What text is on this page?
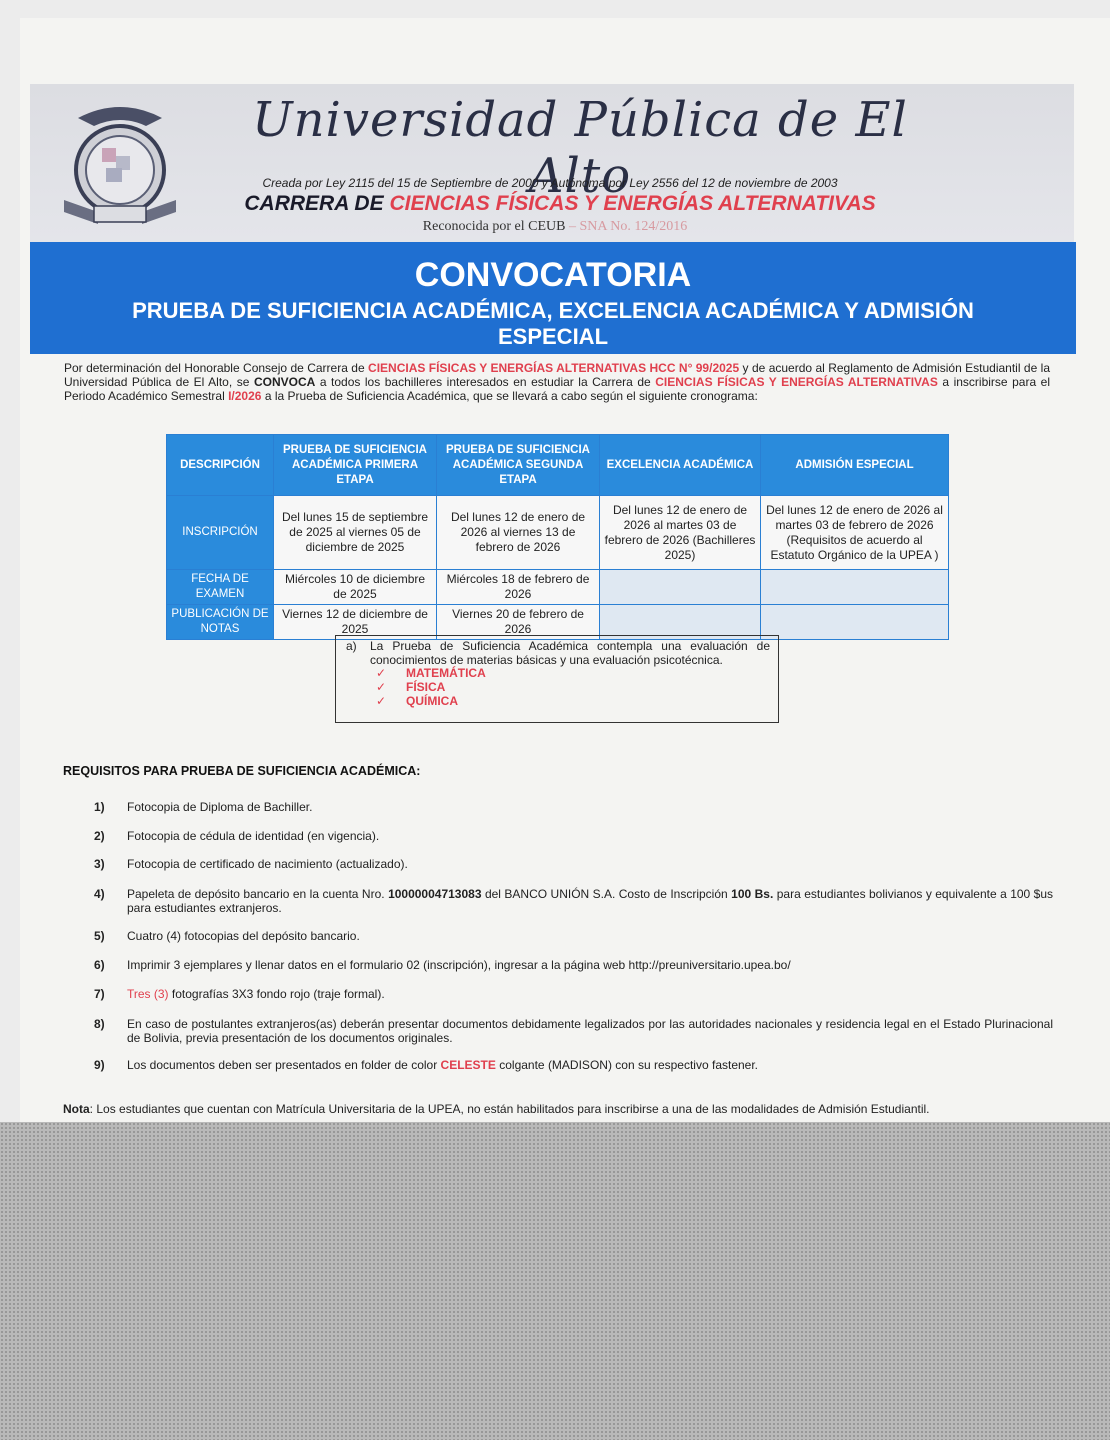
Universidad Pública de El Alto
Creada por Ley 2115 del 15 de Septiembre de 2000 y Autónoma por Ley 2556 del 12 de noviembre de 2003
CARRERA DE CIENCIAS FÍSICAS Y ENERGÍAS ALTERNATIVAS
Reconocida por el CEUB – SNA No. 124/2016
CONVOCATORIA
PRUEBA DE SUFICIENCIA ACADÉMICA, EXCELENCIA ACADÉMICA Y ADMISIÓN ESPECIAL
Por determinación del Honorable Consejo de Carrera de CIENCIAS FÍSICAS Y ENERGÍAS ALTERNATIVAS HCC N° 99/2025 y de acuerdo al Reglamento de Admisión Estudiantil de la Universidad Pública de El Alto, se CONVOCA a todos los bachilleres interesados en estudiar la Carrera de CIENCIAS FÍSICAS Y ENERGÍAS ALTERNATIVAS a inscribirse para el Periodo Académico Semestral I/2026 a la Prueba de Suficiencia Académica, que se llevará a cabo según el siguiente cronograma:
DESCRIPCIÓN	PRUEBA DE SUFICIENCIA ACADÉMICA PRIMERA ETAPA	PRUEBA DE SUFICIENCIA ACADÉMICA SEGUNDA ETAPA	EXCELENCIA ACADÉMICA	ADMISIÓN ESPECIAL
INSCRIPCIÓN	Del lunes 15 de septiembre de 2025 al viernes 05 de diciembre de 2025	Del lunes 12 de enero de 2026 al viernes 13 de febrero de 2026	Del lunes 12 de enero de 2026 al martes 03 de febrero de 2026 (Bachilleres 2025)	Del lunes 12 de enero de 2026 al martes 03 de febrero de 2026 (Requisitos de acuerdo al Estatuto Orgánico de la UPEA )
FECHA DE EXAMEN	Miércoles 10 de diciembre de 2025	Miércoles 18 de febrero de 2026		
PUBLICACIÓN DE NOTAS	Viernes 12 de diciembre de 2025	Viernes 20 de febrero de 2026		
a) La Prueba de Suficiencia Académica contempla una evaluación de conocimientos de materias básicas y una evaluación psicotécnica.
✓ MATEMÁTICA
✓ FÍSICA
✓ QUÍMICA
REQUISITOS PARA PRUEBA DE SUFICIENCIA ACADÉMICA:
1) Fotocopia de Diploma de Bachiller.
2) Fotocopia de cédula de identidad (en vigencia).
3) Fotocopia de certificado de nacimiento (actualizado).
4) Papeleta de depósito bancario en la cuenta Nro. 10000004713083 del BANCO UNIÓN S.A. Costo de Inscripción 100 Bs. para estudiantes bolivianos y equivalente a 100 $us para estudiantes extranjeros.
5) Cuatro (4) fotocopias del depósito bancario.
6) Imprimir 3 ejemplares y llenar datos en el formulario 02 (inscripción), ingresar a la página web http://preuniversitario.upea.bo/
7) Tres (3) fotografías 3X3 fondo rojo (traje formal).
8) En caso de postulantes extranjeros(as) deberán presentar documentos debidamente legalizados por las autoridades nacionales y residencia legal en el Estado Plurinacional de Bolivia, previa presentación de los documentos originales.
9) Los documentos deben ser presentados en folder de color CELESTE colgante (MADISON) con su respectivo fastener.
Nota: Los estudiantes que cuentan con Matrícula Universitaria de la UPEA, no están habilitados para inscribirse a una de las modalidades de Admisión Estudiantil.
